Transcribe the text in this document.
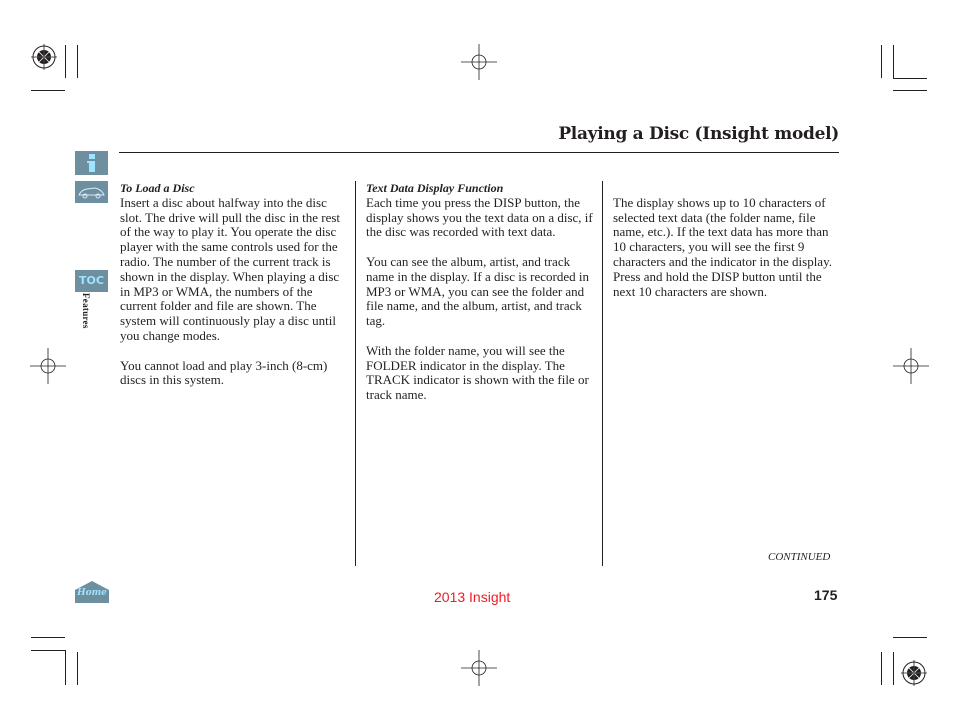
Playing a Disc (Insight model)
TOC
Features
Home

To Load a Disc

Insert a disc about halfway into the disc slot. The drive will pull the disc in the rest of the way to play it. You operate the disc player with the same controls used for the radio. The number of the current track is shown in the display. When playing a disc in MP3 or WMA, the numbers of the current folder and file are shown. The system will continuously play a disc until you change modes.

You cannot load and play 3-inch (8-cm) discs in this system.

Text Data Display Function

Each time you press the DISP button, the display shows you the text data on a disc, if the disc was recorded with text data.

You can see the album, artist, and track name in the display. If a disc is recorded in MP3 or WMA, you can see the folder and file name, and the album, artist, and track tag.

With the folder name, you will see the FOLDER indicator in the display. The TRACK indicator is shown with the file or track name.

The display shows up to 10 characters of selected text data (the folder name, file name, etc.). If the text data has more than 10 characters, you will see the first 9 characters and the indicator in the display. Press and hold the DISP button until the next 10 characters are shown.

CONTINUED
2013 Insight	175
